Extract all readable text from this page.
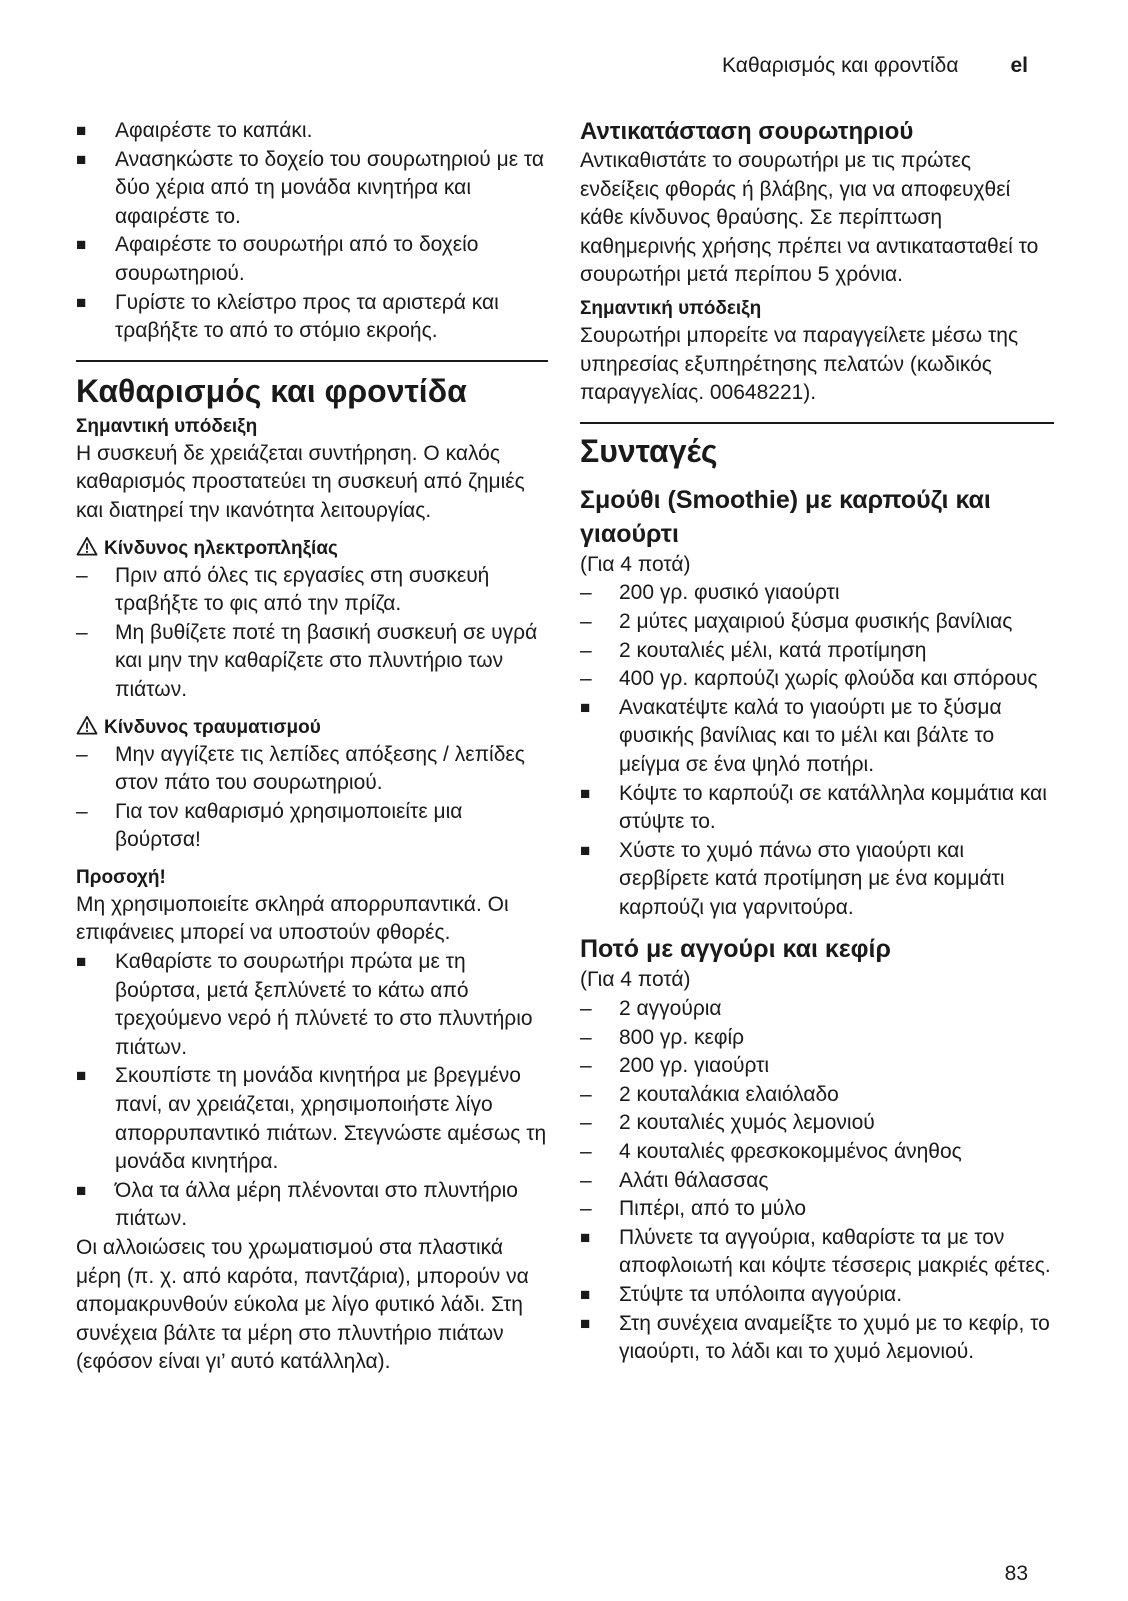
Καθαρισμός και φροντίδα el

■ Αφαιρέστε το καπάκι.

■ Ανασηκώστε το δοχείο του σουρωτηριού με τα δύο χέρια από τη μονάδα κινητήρα και αφαιρέστε το.

■ Αφαιρέστε το σουρωτήρι από το δοχείο σουρωτηριού.

■ Γυρίστε το κλείστρο προς τα αριστερά και τραβήξτε το από το στόμιο εκροής.

Καθαρισμός και φροντίδα
Σημαντική υπόδειξη

Η συσκευή δε χρειάζεται συντήρηση. Ο καλός καθαρισμός προστατεύει τη συσκευή από ζημιές και διατηρεί την ικανότητα λειτουργίας.

Κίνδυνος ηλεκτροπληξίας

– Πριν από όλες τις εργασίες στη συσκευή τραβήξτε το φις από την πρίζα.

– Μη βυθίζετε ποτέ τη βασική συσκευή σε υγρά και μην την καθαρίζετε στο πλυντήριο των πιάτων.

Κίνδυνος τραυματισμού

– Μην αγγίζετε τις λεπίδες απόξεσης / λεπίδες στον πάτο του σουρωτηριού.

– Για τον καθαρισμό χρησιμοποιείτε μια βούρτσα!

Προσοχή!

Μη χρησιμοποιείτε σκληρά απορρυπαντικά. Οι επιφάνειες μπορεί να υποστούν φθορές.

■ Καθαρίστε το σουρωτήρι πρώτα με τη βούρτσα, μετά ξεπλύνετέ το κάτω από τρεχούμενο νερό ή πλύνετέ το στο πλυντήριο πιάτων.

■ Σκουπίστε τη μονάδα κινητήρα με βρεγμένο πανί, αν χρειάζεται, χρησιμοποιήστε λίγο απορρυπαντικό πιάτων. Στεγνώστε αμέσως τη μονάδα κινητήρα.

■ Όλα τα άλλα μέρη πλένονται στο πλυντήριο πιάτων.

Οι αλλοιώσεις του χρωματισμού στα πλαστικά μέρη (π. χ. από καρότα, παντζάρια), μπορούν να απομακρυνθούν εύκολα με λίγο φυτικό λάδι. Στη συνέχεια βάλτε τα μέρη στο πλυντήριο πιάτων (εφόσον είναι γι’ αυτό κατάλληλα).

Αντικατάσταση σουρωτηριού

Αντικαθιστάτε το σουρωτήρι με τις πρώτες ενδείξεις φθοράς ή βλάβης, για να αποφευχθεί κάθε κίνδυνος θραύσης. Σε περίπτωση καθημερινής χρήσης πρέπει να αντικατασταθεί το σουρωτήρι μετά περίπου 5 χρόνια.

Σημαντική υπόδειξη

Σουρωτήρι μπορείτε να παραγγείλετε μέσω της υπηρεσίας εξυπηρέτησης πελατών (κωδικός παραγγελίας. 00648221).

Συνταγές
Σμούθι (Smoothie) με καρπούζι και γιαούρτι

(Για 4 ποτά)

– 200 γρ. φυσικό γιαούρτι

– 2 μύτες μαχαιριού ξύσμα φυσικής βανίλιας

– 2 κουταλιές μέλι, κατά προτίμηση

– 400 γρ. καρπούζι χωρίς φλούδα και σπόρους

■ Ανακατέψτε καλά το γιαούρτι με το ξύσμα φυσικής βανίλιας και το μέλι και βάλτε το μείγμα σε ένα ψηλό ποτήρι.

■ Κόψτε το καρπούζι σε κατάλληλα κομμάτια και στύψτε το.

■ Χύστε το χυμό πάνω στο γιαούρτι και σερβίρετε κατά προτίμηση με ένα κομμάτι καρπούζι για γαρνιτούρα.

Ποτό με αγγούρι και κεφίρ

(Για 4 ποτά)

– 2 αγγούρια

– 800 γρ. κεφίρ

– 200 γρ. γιαούρτι

– 2 κουταλάκια ελαιόλαδο

– 2 κουταλιές χυμός λεμονιού

– 4 κουταλιές φρεσκοκομμένος άνηθος

– Αλάτι θάλασσας

– Πιπέρι, από το μύλο

■ Πλύνετε τα αγγούρια, καθαρίστε τα με τον αποφλοιωτή και κόψτε τέσσερις μακριές φέτες.

■ Στύψτε τα υπόλοιπα αγγούρια.

■ Στη συνέχεια αναμείξτε το χυμό με το κεφίρ, το γιαούρτι, το λάδι και το χυμό λεμονιού.

83
